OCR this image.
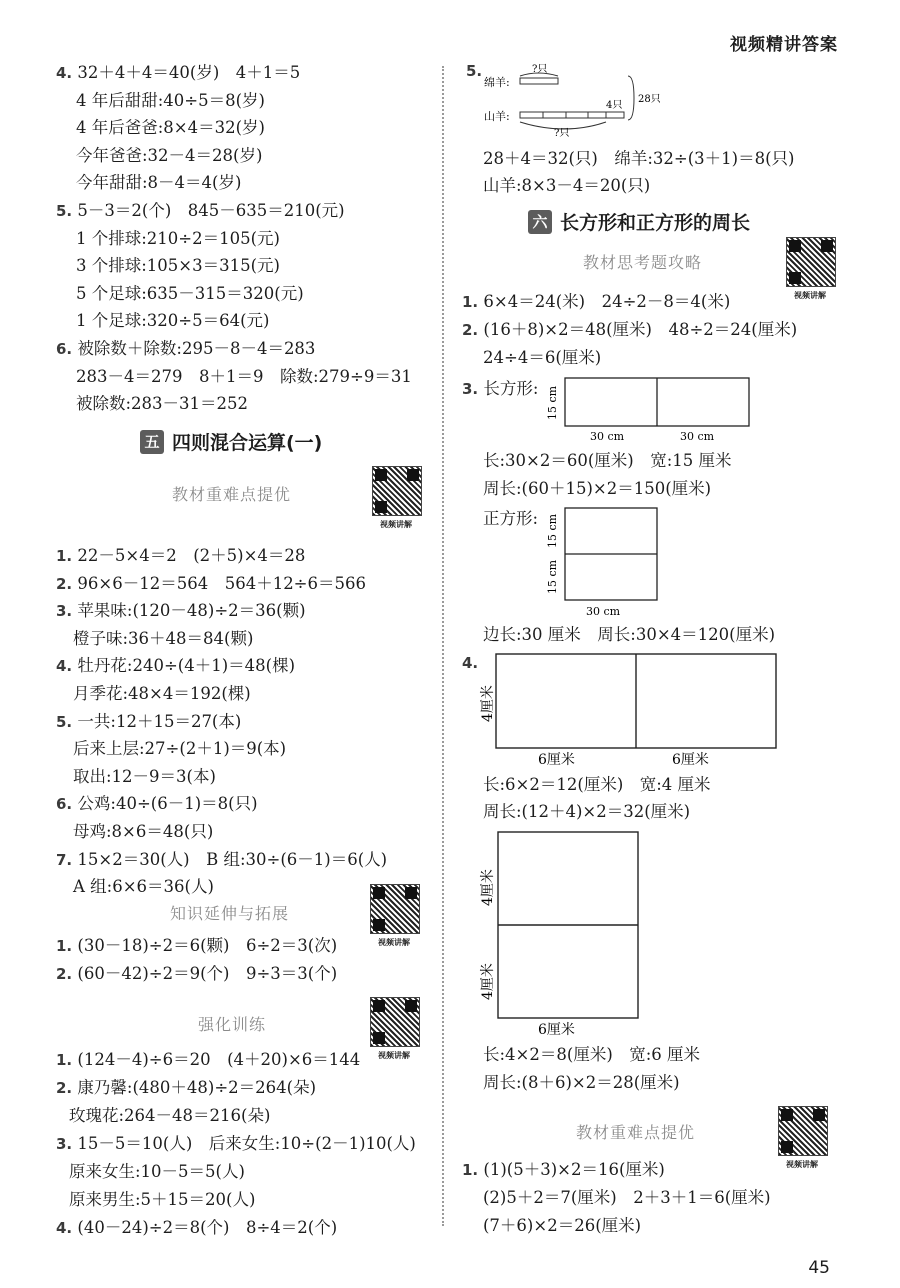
视频精讲答案
4. 32＋4＋4＝40(岁)　4＋1＝5
4 年后甜甜:40÷5＝8(岁)
4 年后爸爸:8×4＝32(岁)
今年爸爸:32－4＝28(岁)
今年甜甜:8－4＝4(岁)
5. 5－3＝2(个)　845－635＝210(元)
1 个排球:210÷2＝105(元)
3 个排球:105×3＝315(元)
5 个足球:635－315＝320(元)
1 个足球:320÷5＝64(元)
6. 被除数＋除数:295－8－4＝283
283－4＝279　8＋1＝9　除数:279÷9＝31
被除数:283－31＝252
五 四则混合运算(一)
教材重难点提优
视频讲解
1. 22－5×4＝2　(2＋5)×4＝28
2. 96×6－12＝564　564＋12÷6＝566
3. 苹果味:(120－48)÷2＝36(颗)
橙子味:36＋48＝84(颗)
4. 牡丹花:240÷(4＋1)＝48(棵)
月季花:48×4＝192(棵)
5. 一共:12＋15＝27(本)
后来上层:27÷(2＋1)＝9(本)
取出:12－9＝3(本)
6. 公鸡:40÷(6－1)＝8(只)
母鸡:8×6＝48(只)
7. 15×2＝30(人)　B 组:30÷(6－1)＝6(人)
A 组:6×6＝36(人)
知识延伸与拓展
视频讲解
1. (30－18)÷2＝6(颗)　6÷2＝3(次)
2. (60－42)÷2＝9(个)　9÷3＝3(个)
强化训练
视频讲解
1. (124－4)÷6＝20　(4＋20)×6＝144
2. 康乃馨:(480＋48)÷2＝264(朵)
玫瑰花:264－48＝216(朵)
3. 15－5＝10(人)　后来女生:10÷(2－1)10(人)
原来女生:10－5＝5(人)
原来男生:5＋15＝20(人)
4. (40－24)÷2＝8(个)　8÷4＝2(个)
5.
绵羊:
山羊:
?只
4只
?只
28只
28＋4＝32(只)　绵羊:32÷(3＋1)＝8(只)
山羊:8×3－4＝20(只)
六 长方形和正方形的周长
教材思考题攻略
视频讲解
1. 6×4＝24(米)　24÷2－8＝4(米)
2. (16＋8)×2＝48(厘米)　48÷2＝24(厘米)
24÷4＝6(厘米)
3. 长方形: 15 cm
30 cm	30 cm
长:30×2＝60(厘米)　宽:15 厘米
周长:(60＋15)×2＝150(厘米)
正方形: 15 cm
15 cm
30 cm
边长:30 厘米　周长:30×4＝120(厘米)
4.
4厘米
6厘米	6厘米
长:6×2＝12(厘米)　宽:4 厘米
周长:(12＋4)×2＝32(厘米)
4厘米
4厘米
6厘米
长:4×2＝8(厘米)　宽:6 厘米
周长:(8＋6)×2＝28(厘米)
教材重难点提优
视频讲解
1. (1)(5＋3)×2＝16(厘米)
(2)5＋2＝7(厘米)　2＋3＋1＝6(厘米)
(7＋6)×2＝26(厘米)
45
